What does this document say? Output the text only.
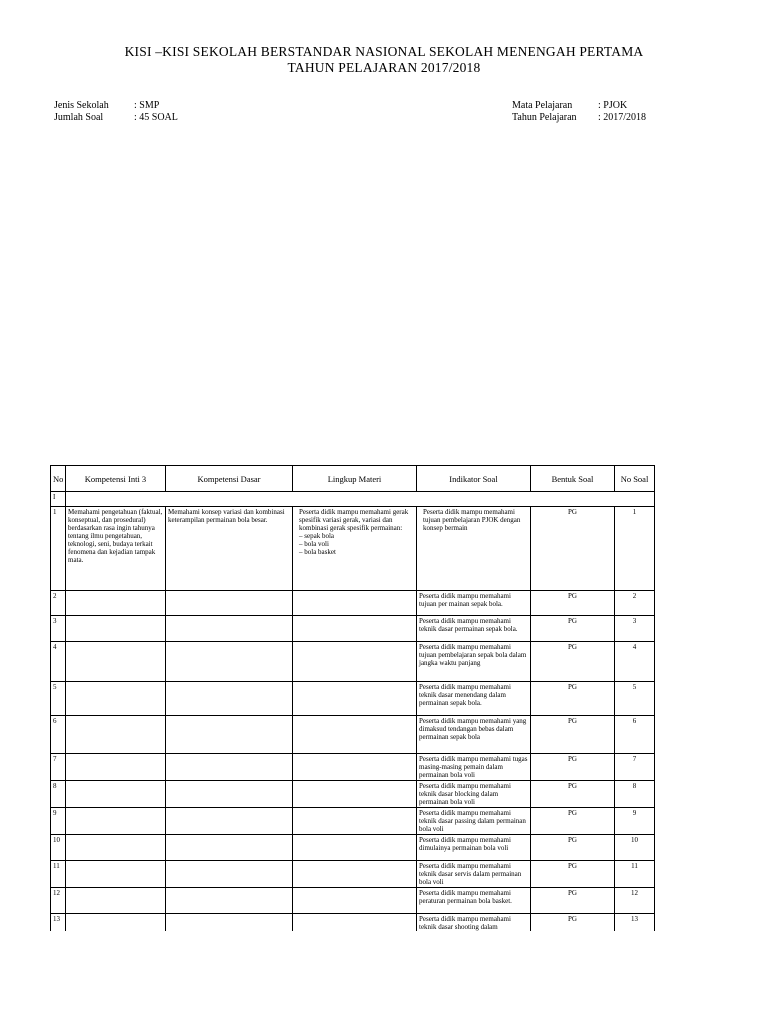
KISI –KISI SEKOLAH BERSTANDAR NASIONAL SEKOLAH MENENGAH PERTAMA
TAHUN PELAJARAN 2017/2018
Jenis Sekolah	: SMP
Jumlah Soal	: 45 SOAL
Mata Pelajaran	: PJOK
Tahun Pelajaran : 2017/2018
No	Kompetensi Inti 3	Kompetensi Dasar	Lingkup Materi	Indikator Soal	Bentuk Soal	No Soal
I						
1	Memahami pengetahuan (faktual, konseptual, dan prosedural) berdasarkan rasa ingin tahunya tentang ilmu pengetahuan, teknologi, seni, budaya terkait fenomena dan kejadian tampak mata.	Memahami konsep variasi dan kombinasi keterampilan permainan bola besar.	Peserta didik mampu memahami gerak spesifik variasi gerak, variasi dan kombinasi gerak spesifik permainan:
– sepak bola
– bola voli
– bola basket	Peserta didik mampu memahami tujuan pembelajaran PJOK dengan konsep bermain	PG	1
2				Peserta didik mampu memahami tujuan per mainan sepak bola.	PG	2
3				Peserta didik mampu memahami teknik dasar permainan sepak bola.	PG	3
4				Peserta didik mampu memahami tujuan pembelajaran sepak bola dalam jangka waktu panjang	PG	4
5				Peserta didik mampu memahami teknik dasar menendang dalam permainan sepak bola.	PG	5
6				Peserta didik mampu memahami yang dimaksud tendangan bebas dalam permainan sepak bola	PG	6
7				Peserta didik mampu memahami tugas masing-masing pemain dalam permainan bola voli	PG	7
8				Peserta didik mampu memahami teknik dasar blocking dalam permainan bola voli	PG	8
9				Peserta didik mampu memahami teknik dasar passing dalam permainan bola voli	PG	9
10				Peserta didik mampu memahami dimulainya permainan bola voli	PG	10
11				Peserta didik mampu memahami teknik dasar servis dalam permainan bola voli	PG	11
12				Peserta didik mampu memahami peraturan permainan bola basket.	PG	12
13				Peserta didik mampu memahami teknik dasar shooting dalam	PG	13
